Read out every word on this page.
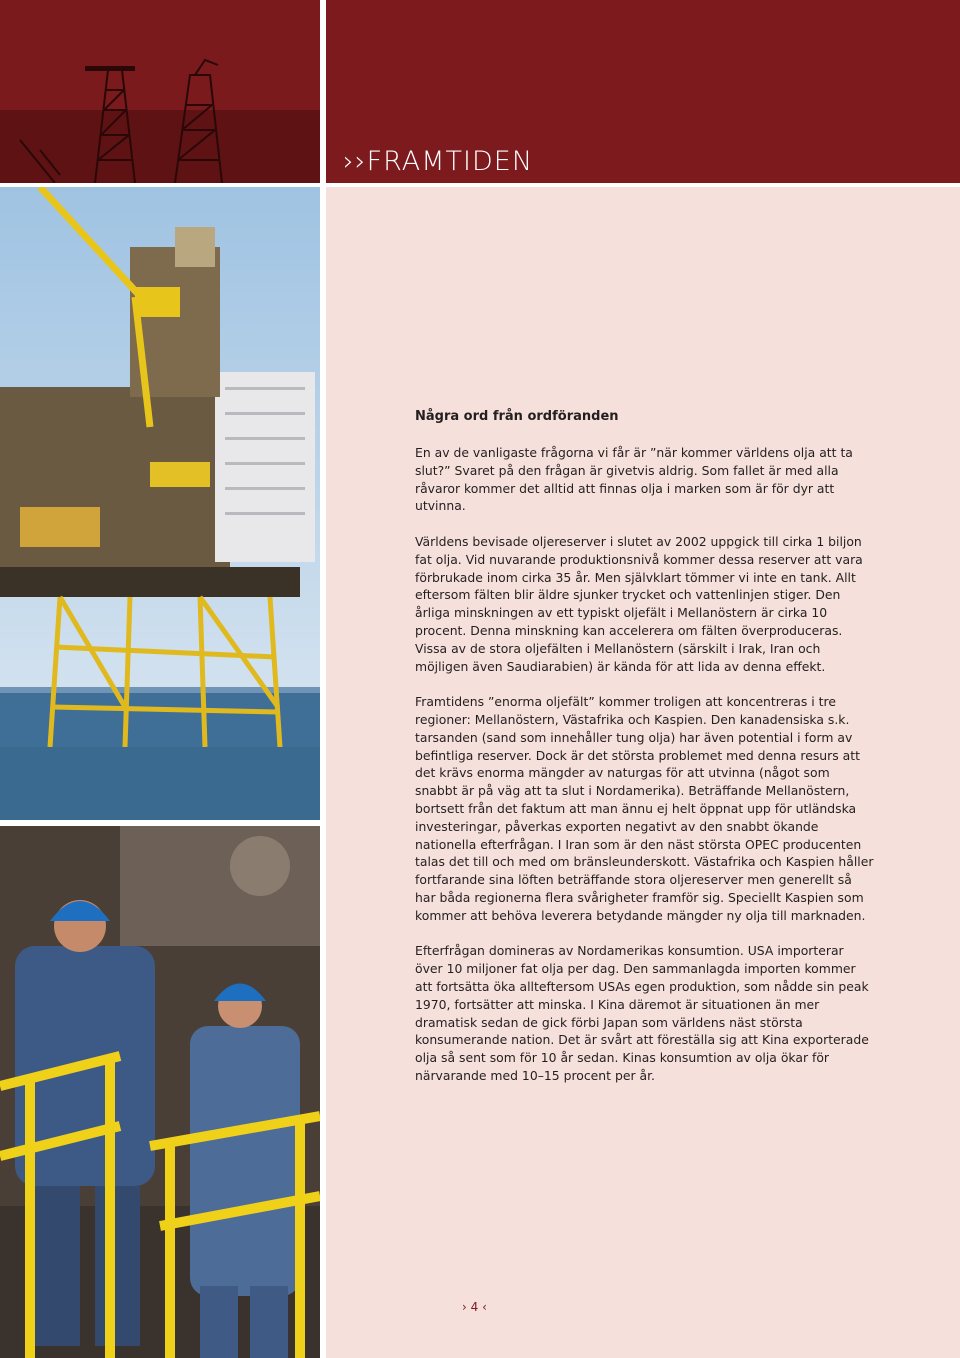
››FRAMTIDEN
Några ord från ordföranden

En av de vanligaste frågorna vi får är ”när kommer världens olja att ta slut?” Svaret på den frågan är givetvis aldrig. Som fallet är med alla råvaror kommer det alltid att finnas olja i marken som är för dyr att utvinna.

Världens bevisade oljereserver i slutet av 2002 uppgick till cirka 1 biljon fat olja. Vid nuvarande produktionsnivå kommer dessa reserver att vara förbrukade inom cirka 35 år. Men självklart tömmer vi inte en tank. Allt eftersom fälten blir äldre sjunker trycket och vattenlinjen stiger. Den årliga minskningen av ett typiskt oljefält i Mellanöstern är cirka 10 procent. Denna minskning kan accelerera om fälten överproduceras. Vissa av de stora oljefälten i Mellanöstern (särskilt i Irak, Iran och möjligen även Saudiarabien) är kända för att lida av denna effekt.

Framtidens ”enorma oljefält” kommer troligen att koncentreras i tre regioner: Mellanöstern, Västafrika och Kaspien. Den kanadensiska s.k. tarsanden (sand som innehåller tung olja) har även potential i form av befintliga reserver. Dock är det största problemet med denna resurs att det krävs enorma mängder av naturgas för att utvinna (något som snabbt är på väg att ta slut i Nordamerika). Beträffande Mellanöstern, bortsett från det faktum att man ännu ej helt öppnat upp för utländska investeringar, påverkas exporten negativt av den snabbt ökande nationella efterfrågan. I Iran som är den näst största OPEC producenten talas det till och med om bränsleunderskott. Västafrika och Kaspien håller fortfarande sina löften beträffande stora oljereserver men generellt så har båda regionerna flera svårigheter framför sig. Speciellt Kaspien som kommer att behöva leverera betydande mängder ny olja till marknaden.

Efterfrågan domineras av Nordamerikas konsumtion. USA importerar över 10 miljoner fat olja per dag. Den sammanlagda importen kommer att fortsätta öka allteftersom USAs egen produktion, som nådde sin peak 1970, fortsätter att minska. I Kina däremot är situationen än mer dramatisk sedan de gick förbi Japan som världens näst största konsumerande nation. Det är svårt att föreställa sig att Kina exporterade olja så sent som för 10 år sedan. Kinas konsumtion av olja ökar för närvarande med 10–15 procent per år.

› 4 ‹
